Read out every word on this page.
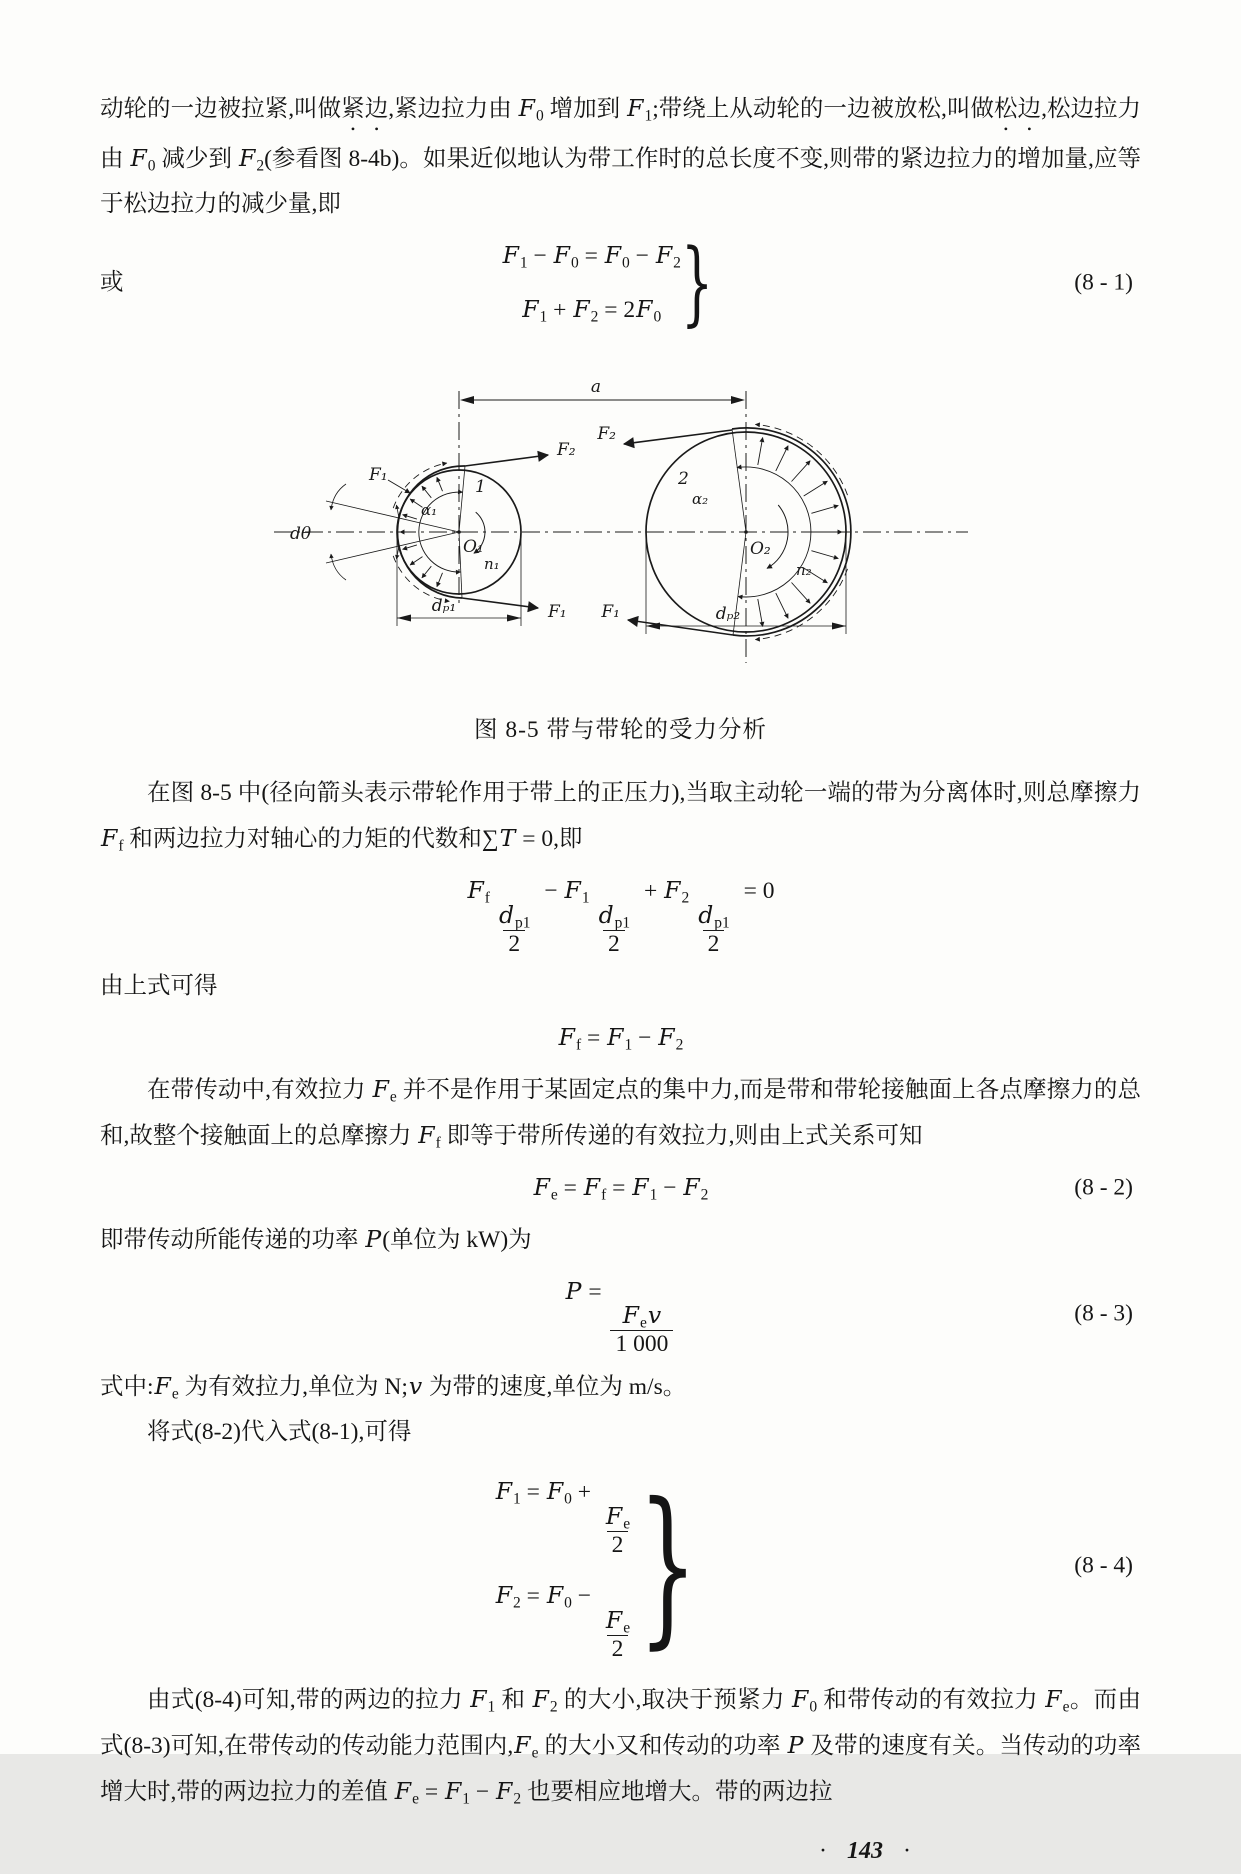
动轮的一边被拉紧,叫做紧边,紧边拉力由 $F_0$ 增加到 $F_1$;带绕上从动轮的一边被放松,叫做松边,松边拉力由 $F_0$ 减少到 $F_2$(参看图 8-4b)。如果近似地认为带工作时的总长度不变,则带的紧边拉力的增加量,应等于松边拉力的减少量,即

或
$F_1 - F_0 = F_0 - F_2$
$F_1 + F_2 = 2F_0$ }	(8 - 1)
a
F₁
dθ
α₁
O₁
n₁
1
F₂
F₁
dₚ₁
2
F₂
F₁
α₂
O₂
n₂
dₚ₂
图 8-5 带与带轮的受力分析

在图 8-5 中(径向箭头表示带轮作用于带上的正压力),当取主动轮一端的带为分离体时,则总摩擦力 $F_f$ 和两边拉力对轴心的力矩的代数和∑T = 0,即

$F_f$
$\frac{d_{p1}}{2}$
− $F_1$
$\frac{d_{p1}}{2}$
+ $F_2$
$\frac{d_{p1}}{2}$
= 0

由上式可得

$F_f = F_1 - F_2$

在带传动中,有效拉力 $F_e$ 并不是作用于某固定点的集中力,而是带和带轮接触面上各点摩擦力的总和,故整个接触面上的总摩擦力 $F_f$ 即等于带所传递的有效拉力,则由上式关系可知

$F_e = F_f = F_1 - F_2$	(8 - 2)

即带传动所能传递的功率 P(单位为 kW)为

P =
$\frac{F_ev}{1 000}$	(8 - 3)

式中$:F_e$ 为有效拉力,单位为 N;v 为带的速度,单位为 m/s。

将式(8-2)代入式(8-1),可得

$F_1 = F_0$ +
$\frac{F_e}{2}$
$F_2 = F_0$ −
$\frac{F_e}{2}$ }	(8 - 4)

由式(8-4)可知,带的两边的拉力 $F_1$ 和 $F_2$ 的大小,取决于预紧力 $F_0$ 和带传动的有效拉力 $F_e$。而由式(8-3)可知,在带传动的传动能力范围内$,F_e$ 的大小又和传动的功率 P 及带的速度有关。当传动的功率增大时,带的两边拉力的差值 $F_e = F_1 - F_2$ 也要相应地增大。带的两边拉

· 143 ·
